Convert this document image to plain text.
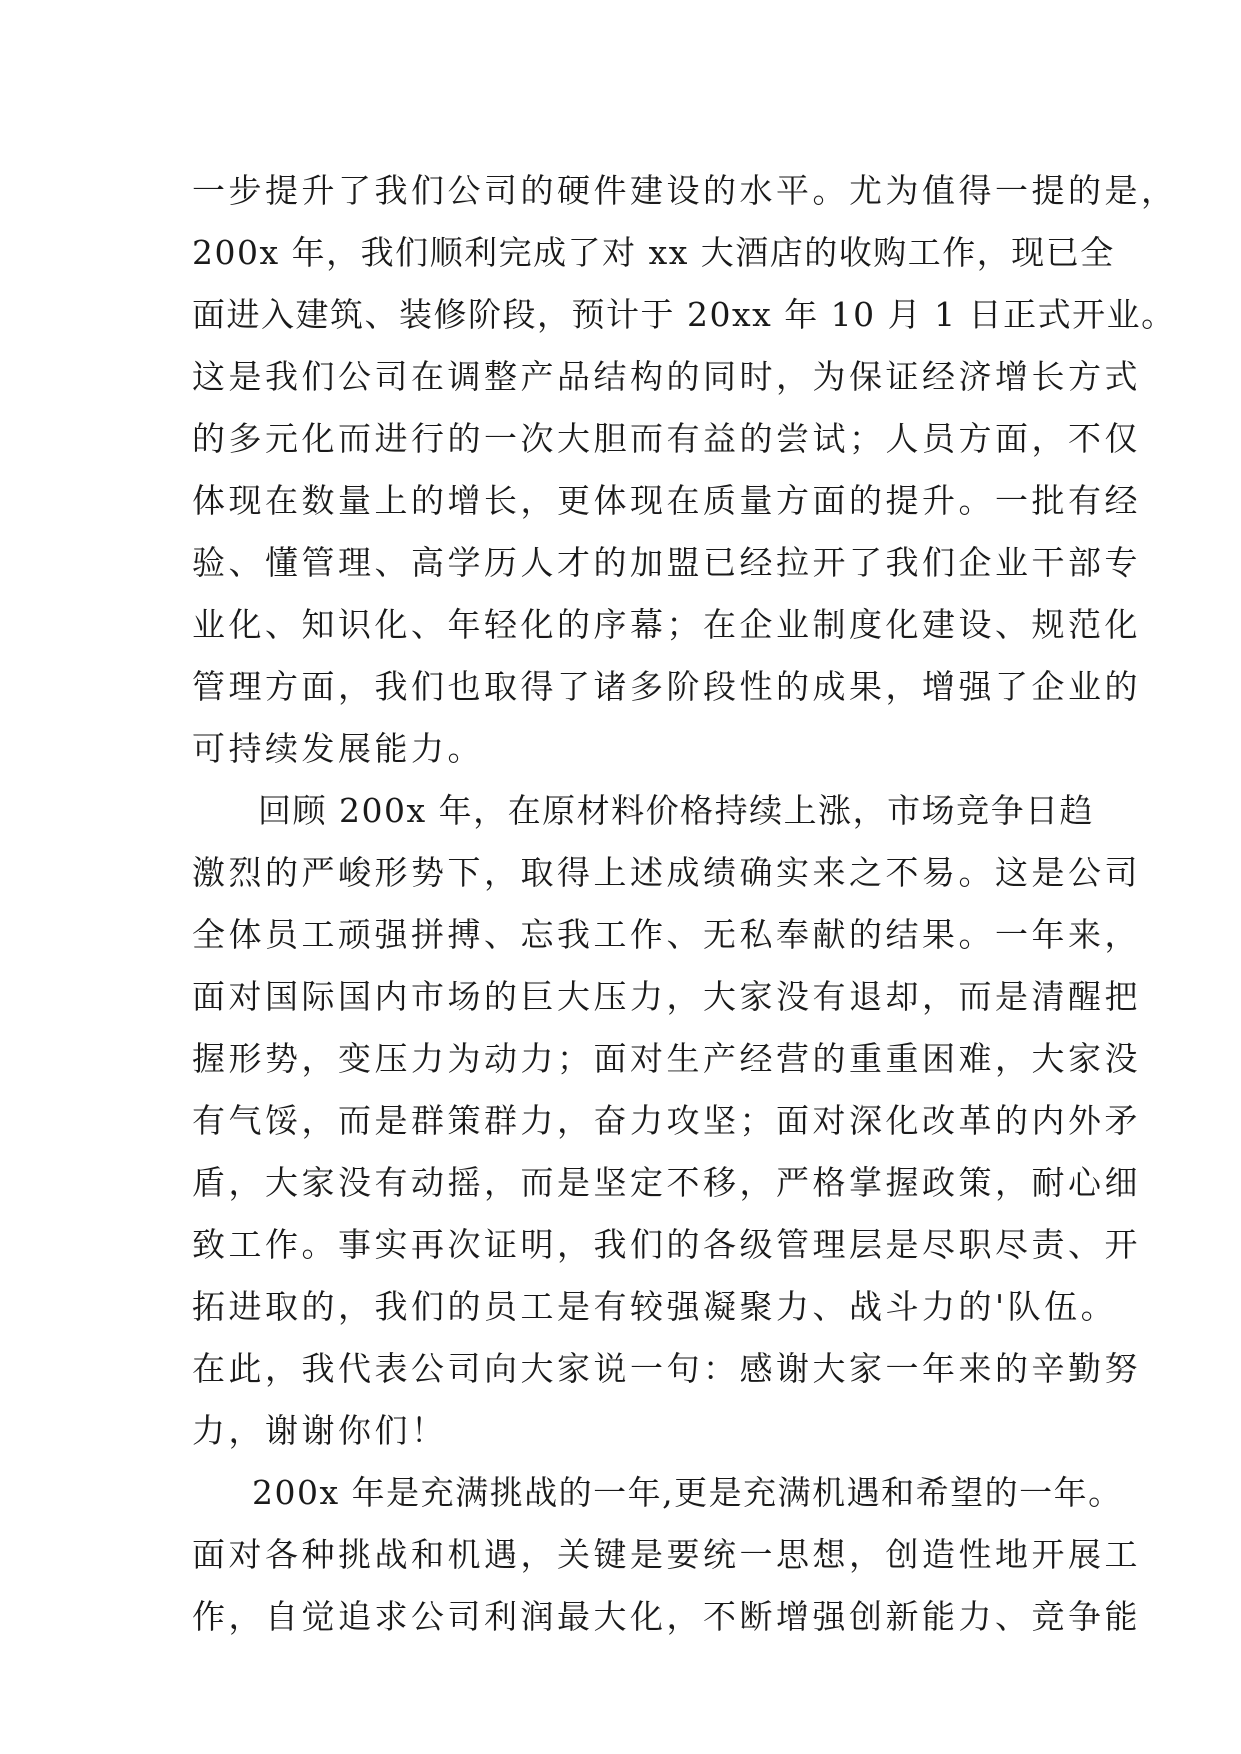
一步提升了我们公司的硬件建设的水平。尤为值得一提的是，
200x 年，我们顺利完成了对 xx 大酒店的收购工作，现已全
面进入建筑、装修阶段，预计于 20xx 年 10 月 1 日正式开业。
这是我们公司在调整产品结构的同时，为保证经济增长方式
的多元化而进行的一次大胆而有益的尝试；人员方面，不仅
体现在数量上的增长，更体现在质量方面的提升。一批有经
验、懂管理、高学历人才的加盟已经拉开了我们企业干部专
业化、知识化、年轻化的序幕；在企业制度化建设、规范化
管理方面，我们也取得了诸多阶段性的成果，增强了企业的
可持续发展能力。
回顾 200x 年，在原材料价格持续上涨，市场竞争日趋
激烈的严峻形势下，取得上述成绩确实来之不易。这是公司
全体员工顽强拼搏、忘我工作、无私奉献的结果。一年来，
面对国际国内市场的巨大压力，大家没有退却，而是清醒把
握形势，变压力为动力；面对生产经营的重重困难，大家没
有气馁，而是群策群力，奋力攻坚；面对深化改革的内外矛
盾，大家没有动摇，而是坚定不移，严格掌握政策，耐心细
致工作。事实再次证明，我们的各级管理层是尽职尽责、开
拓进取的，我们的员工是有较强凝聚力、战斗力的'队伍。
在此，我代表公司向大家说一句：感谢大家一年来的辛勤努
力，谢谢你们！
200x 年是充满挑战的一年,更是充满机遇和希望的一年。
面对各种挑战和机遇，关键是要统一思想，创造性地开展工
作，自觉追求公司利润最大化，不断增强创新能力、竞争能
